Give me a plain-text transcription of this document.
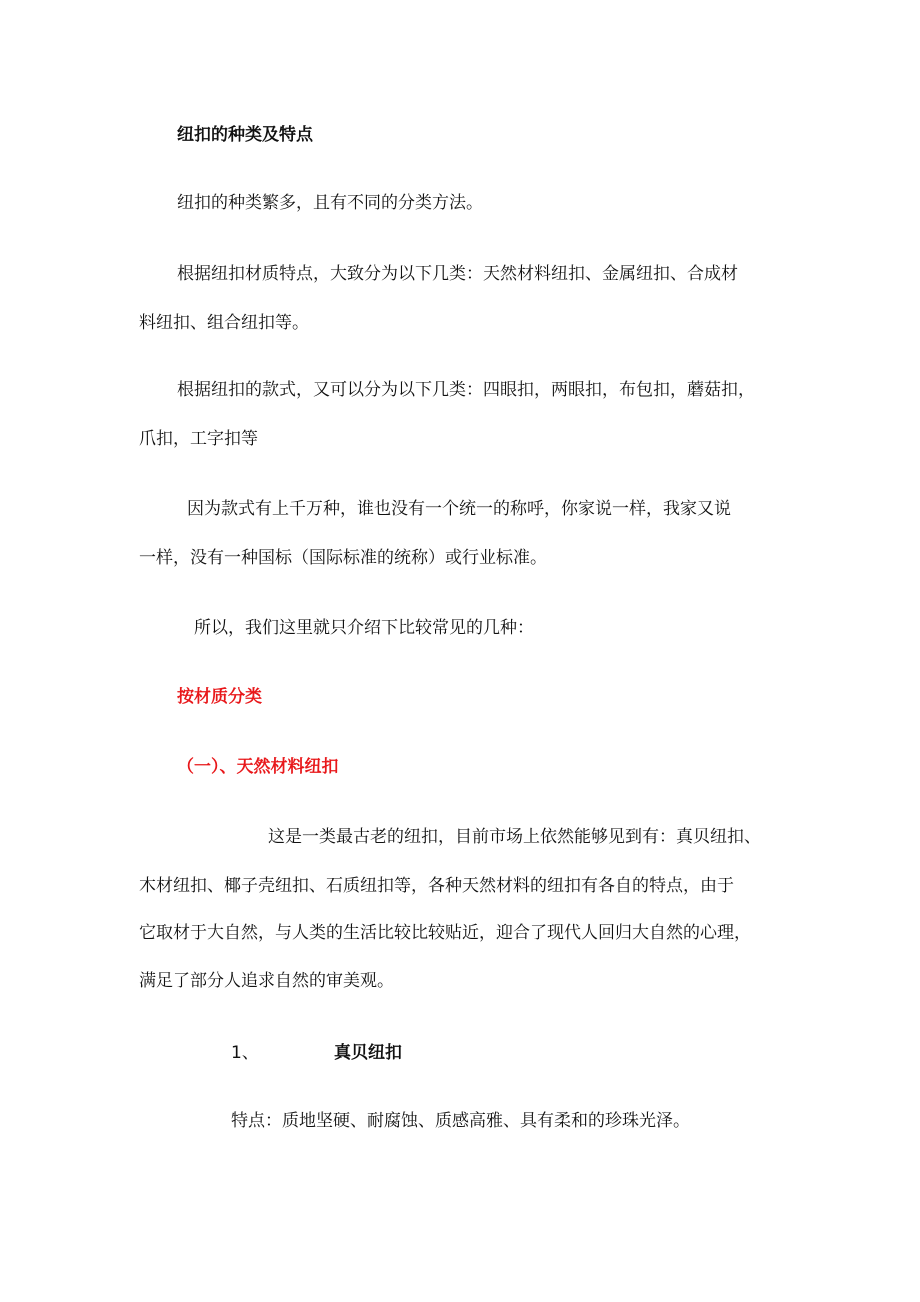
纽扣的种类及特点
纽扣的种类繁多，且有不同的分类方法。
根据纽扣材质特点，大致分为以下几类：天然材料纽扣、金属纽扣、合成材
料纽扣、组合纽扣等。
根据纽扣的款式，又可以分为以下几类：四眼扣，两眼扣，布包扣，蘑菇扣，
爪扣，工字扣等
因为款式有上千万种，谁也没有一个统一的称呼，你家说一样，我家又说
一样，没有一种国标（国际标准的统称）或行业标准。
所以，我们这里就只介绍下比较常见的几种：
按材质分类
（一）、天然材料纽扣
这是一类最古老的纽扣，目前市场上依然能够见到有：真贝纽扣、
木材纽扣、椰子壳纽扣、石质纽扣等，各种天然材料的纽扣有各自的特点，由于
它取材于大自然，与人类的生活比较比较贴近，迎合了现代人回归大自然的心理，
满足了部分人追求自然的审美观。
1、	真贝纽扣
特点：质地坚硬、耐腐蚀、质感高雅、具有柔和的珍珠光泽。
